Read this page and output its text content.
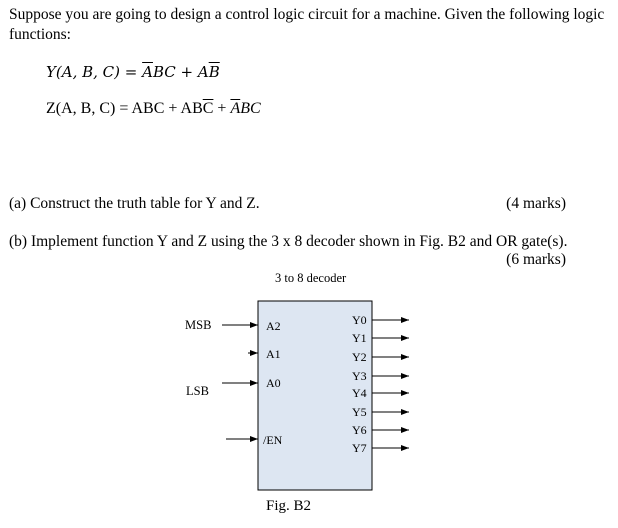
Suppose you are going to design a control logic circuit for a machine. Given the following logic functions:
Y(A, B, $C) = \overline{A}BC + A\overline{B}$
Z(A, B, C) = ABC + $AB\overline{C} + \overline{A}BC$
(a) Construct the truth table for Y and Z.	(4 marks)
(b) Implement function Y and Z using the 3 x 8 decoder shown in Fig. B2 and OR gate(s).
(6 marks)
3 to 8 decoder
MSB
LSB
A2
A1
A0
/EN
Y0
Y1
Y2
Y3
Y4
Y5
Y6
Y7
Fig. B2
